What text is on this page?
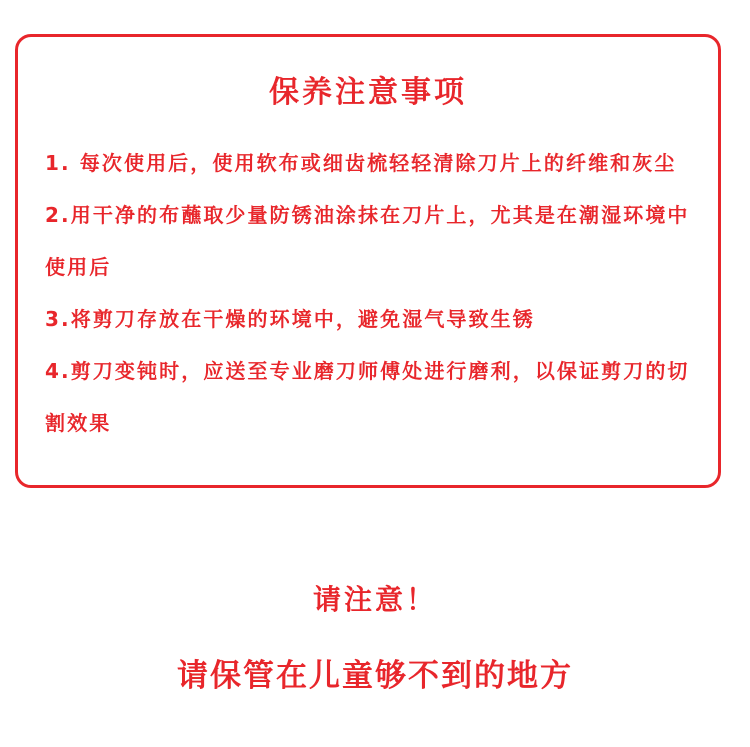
保养注意事项
1. 每次使用后，使用软布或细齿梳轻轻清除刀片上的纤维和灰尘
2.用干净的布蘸取少量防锈油涂抹在刀片上，尤其是在潮湿环境中使用后
3.将剪刀存放在干燥的环境中，避免湿气导致生锈
4.剪刀变钝时，应送至专业磨刀师傅处进行磨利，以保证剪刀的切割效果
请注意！
请保管在儿童够不到的地方
